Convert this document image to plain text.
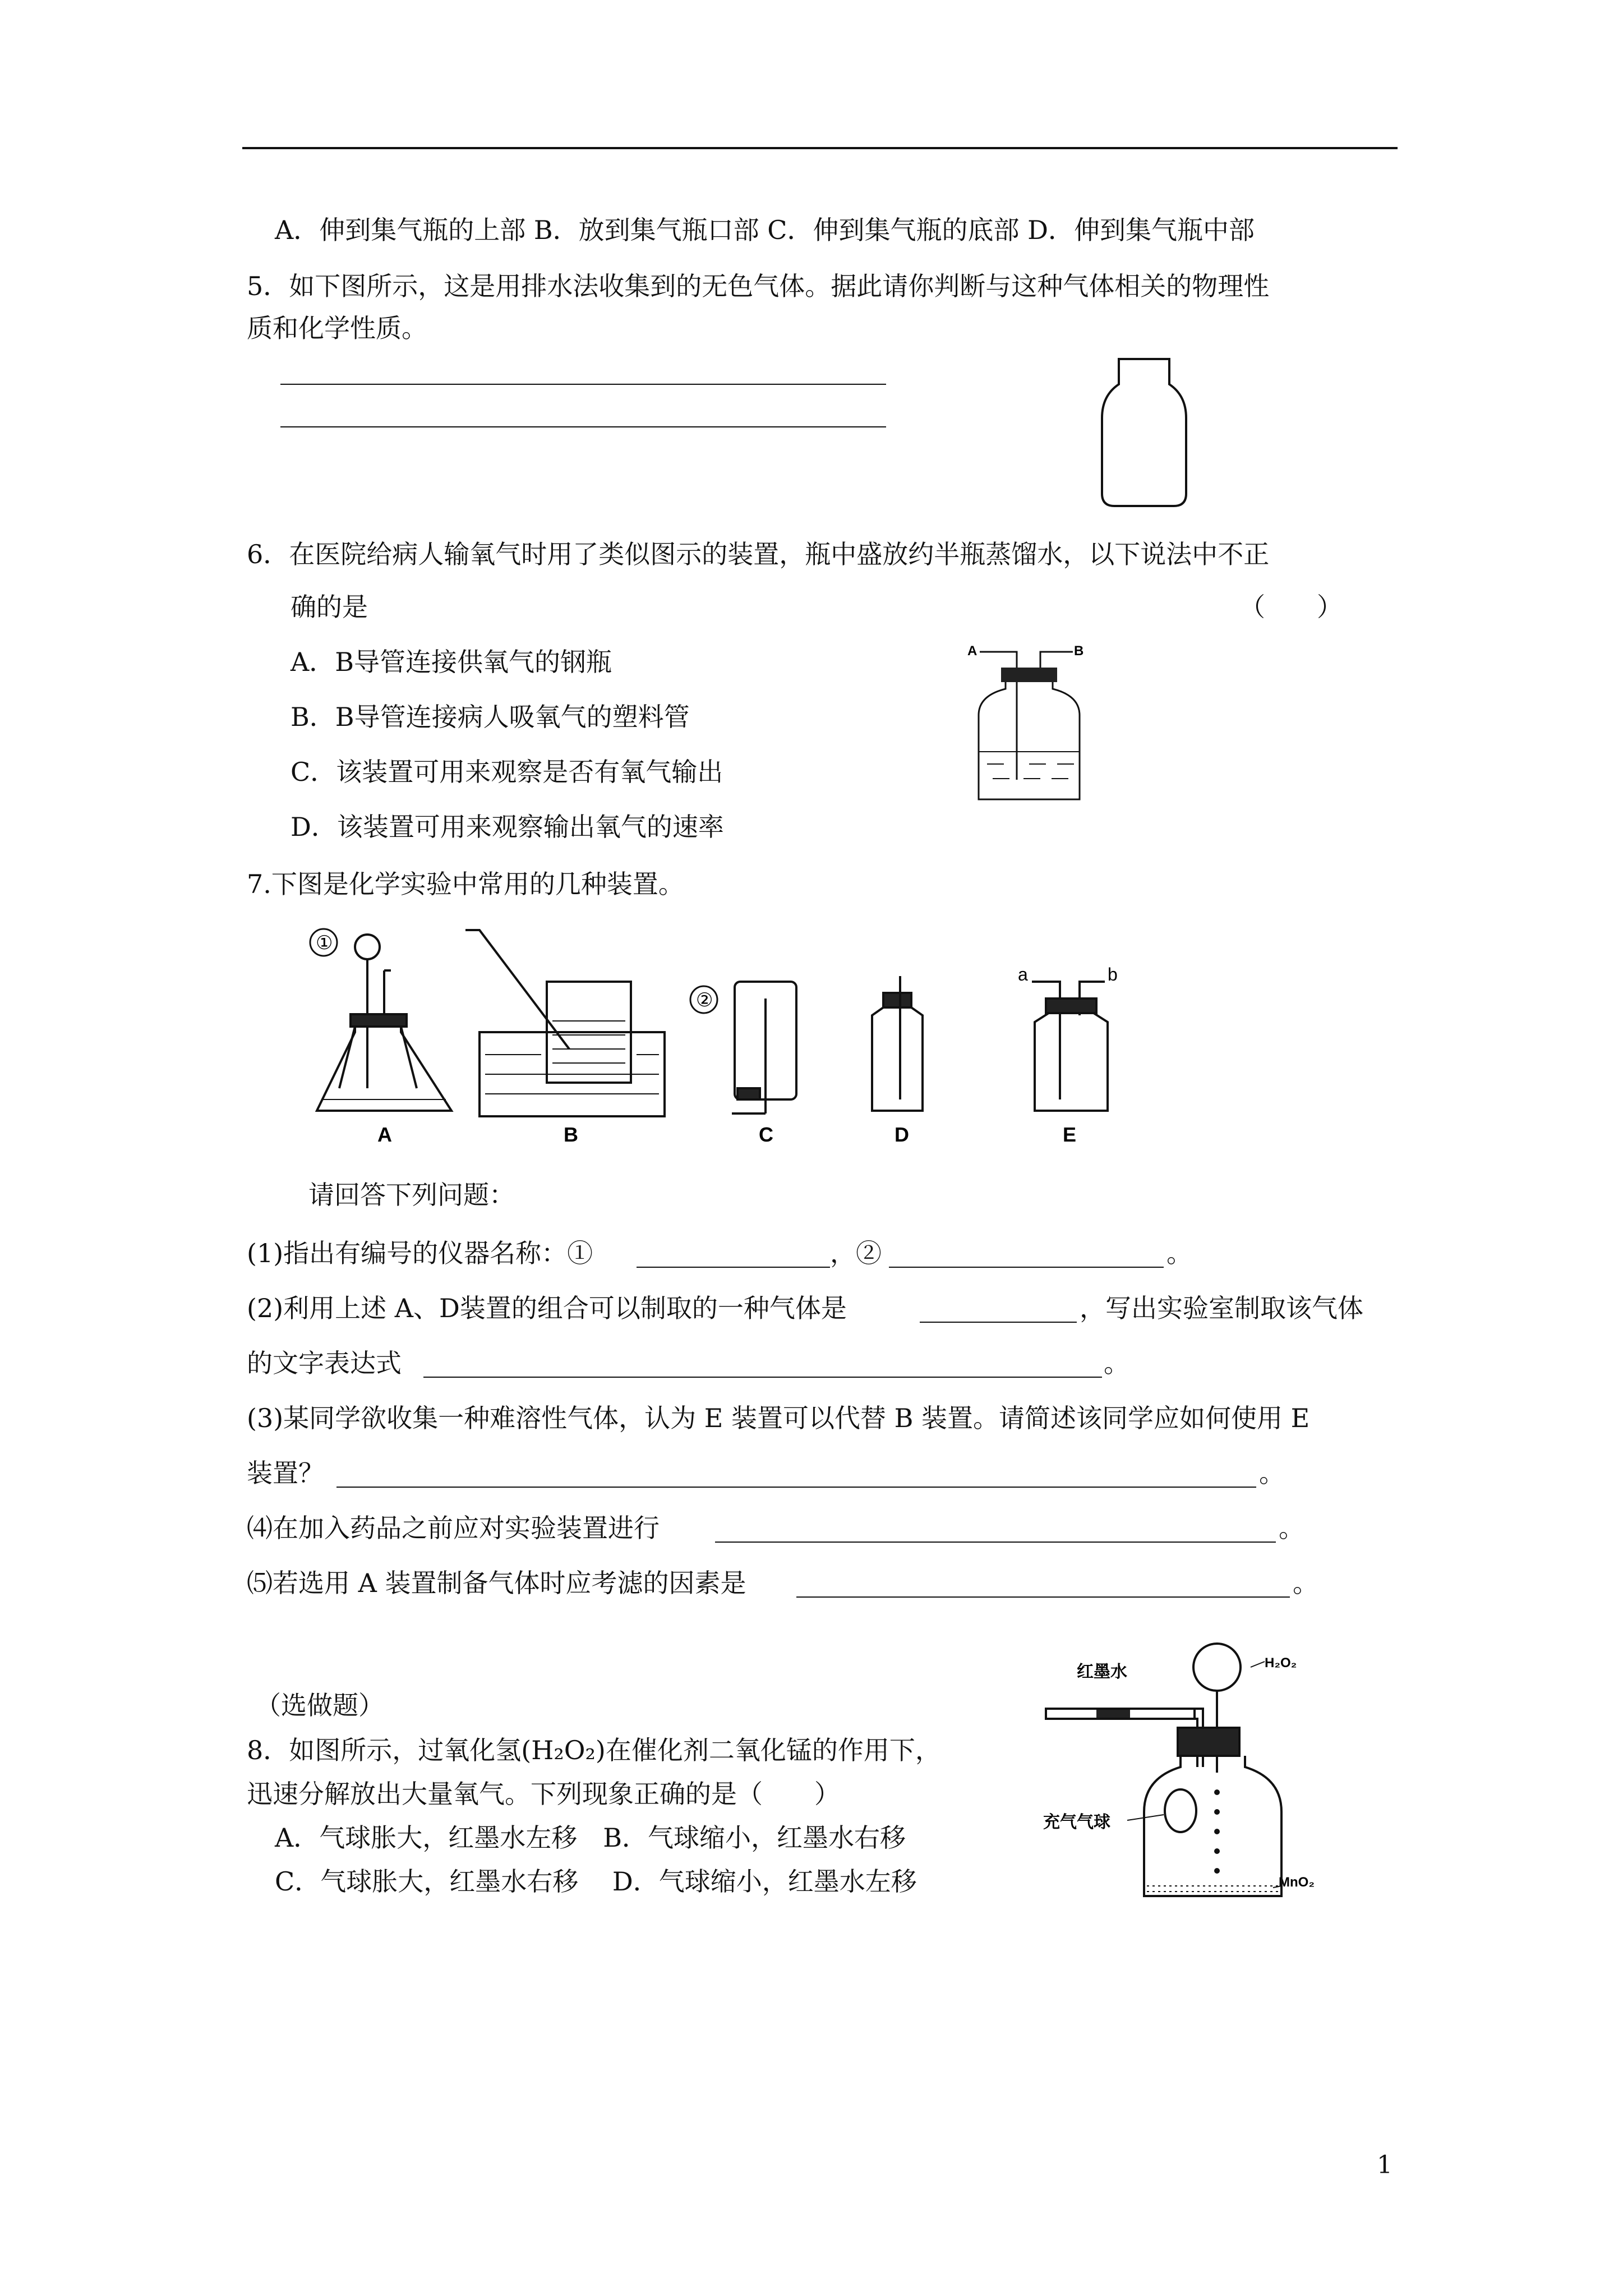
A．伸到集气瓶的上部 B．放到集气瓶口部 C．伸到集气瓶的底部 D．伸到集气瓶中部
5．如下图所示，这是用排水法收集到的无色气体。据此请你判断与这种气体相关的物理性
质和化学性质。
6．在医院给病人输氧气时用了类似图示的装置，瓶中盛放约半瓶蒸馏水，以下说法中不正
确的是	（　　）
A．B导管连接供氧气的钢瓶
B．B导管连接病人吸氧气的塑料管
C．该装置可用来观察是否有氧气输出
D．该装置可用来观察输出氧气的速率
A	B
7.下图是化学实验中常用的几种装置。
①
②
a	b
A	B	C	D	E
请回答下列问题：
(1)指出有编号的仪器名称：①	，②	。
(2)利用上述 A、D装置的组合可以制取的一种气体是	，写出实验室制取该气体
的文字表达式	。
(3)某同学欲收集一种难溶性气体，认为 E 装置可以代替 B 装置。请简述该同学应如何使用 E
装置？	。
⑷在加入药品之前应对实验装置进行	。
⑸若选用 A 装置制备气体时应考滤的因素是	。
（选做题）
8．如图所示，过氧化氢(H₂O₂)在催化剂二氧化锰的作用下，
迅速分解放出大量氧气。下列现象正确的是（　　）
A．气球胀大，红墨水左移　B．气球缩小，红墨水右移
C．气球胀大，红墨水右移　 D．气球缩小，红墨水左移
红墨水	H₂O₂
充气气球
MnO₂
1
